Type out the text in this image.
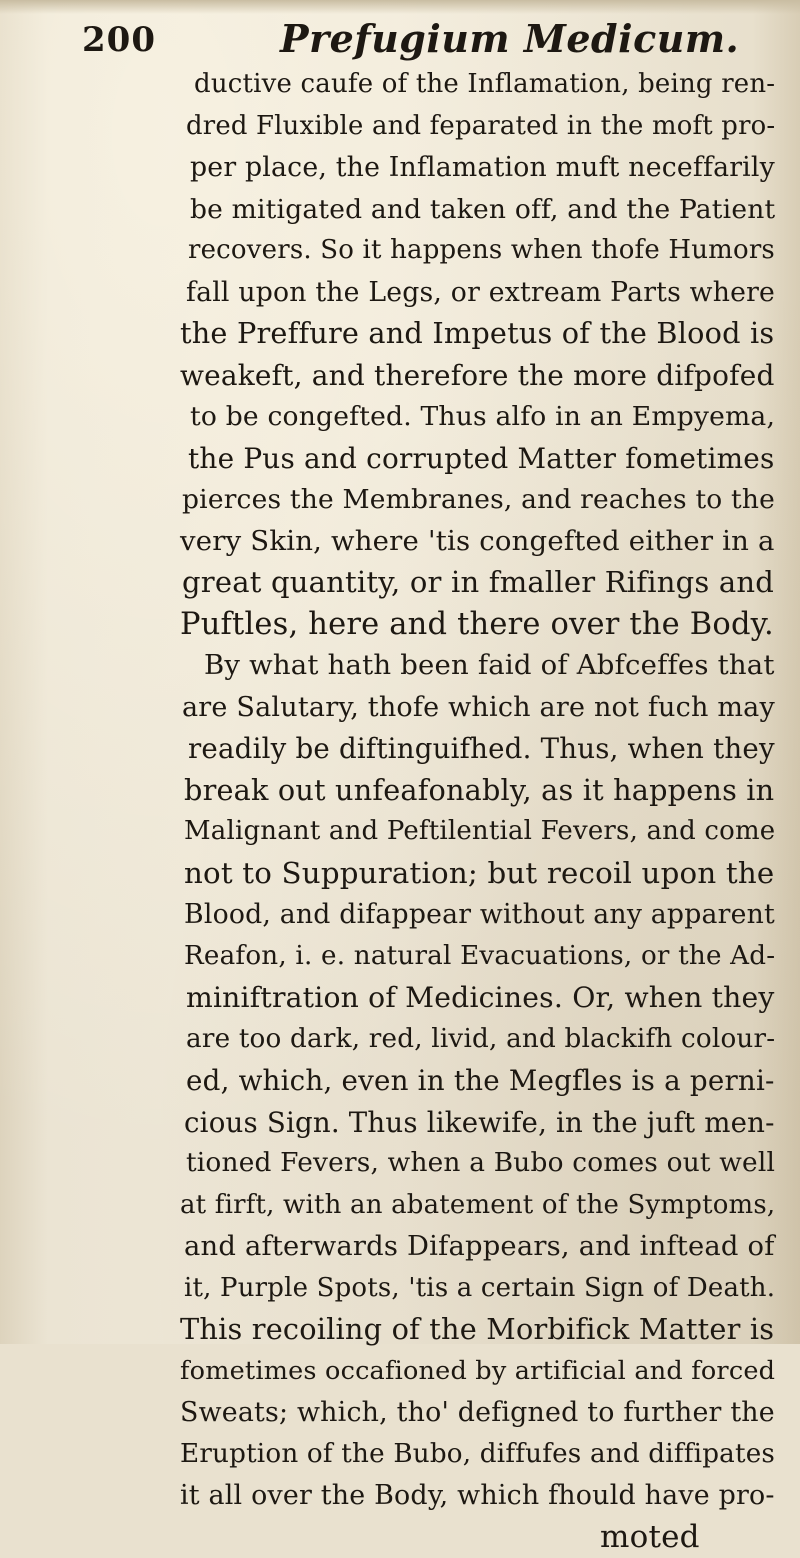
200	Prefugium Medicum.
ductive caufe of the Inflamation, being ren-
dred Fluxible and feparated in the moft pro-
per place, the Inflamation muft neceffarily
be mitigated and taken off, and the Patient
recovers. So it happens when thofe Humors
fall upon the Legs, or extream Parts where
the Preffure and Impetus of the Blood is
weakeft, and therefore the more difpofed
to be congefted. Thus alfo in an Empyema,
the Pus and corrupted Matter fometimes
pierces the Membranes, and reaches to the
very Skin, where 'tis congefted either in a
great quantity, or in fmaller Rifings and
Puftles, here and there over the Body.
By what hath been faid of Abfceffes that
are Salutary, thofe which are not fuch may
readily be diftinguifhed. Thus, when they
break out unfeafonably, as it happens in
Malignant and Peftilential Fevers, and come
not to Suppuration; but recoil upon the
Blood, and difappear without any apparent
Reafon, i. e. natural Evacuations, or the Ad-
miniftration of Medicines. Or, when they
are too dark, red, livid, and blackifh colour-
ed, which, even in the Megfles is a perni-
cious Sign. Thus likewife, in the juft men-
tioned Fevers, when a Bubo comes out well
at firft, with an abatement of the Symptoms,
and afterwards Difappears, and inftead of
it, Purple Spots, 'tis a certain Sign of Death.
This recoiling of the Morbifick Matter is
fometimes occafioned by artificial and forced
Sweats; which, tho' defigned to further the
Eruption of the Bubo, diffufes and diffipates
it all over the Body, which fhould have pro-
moted
